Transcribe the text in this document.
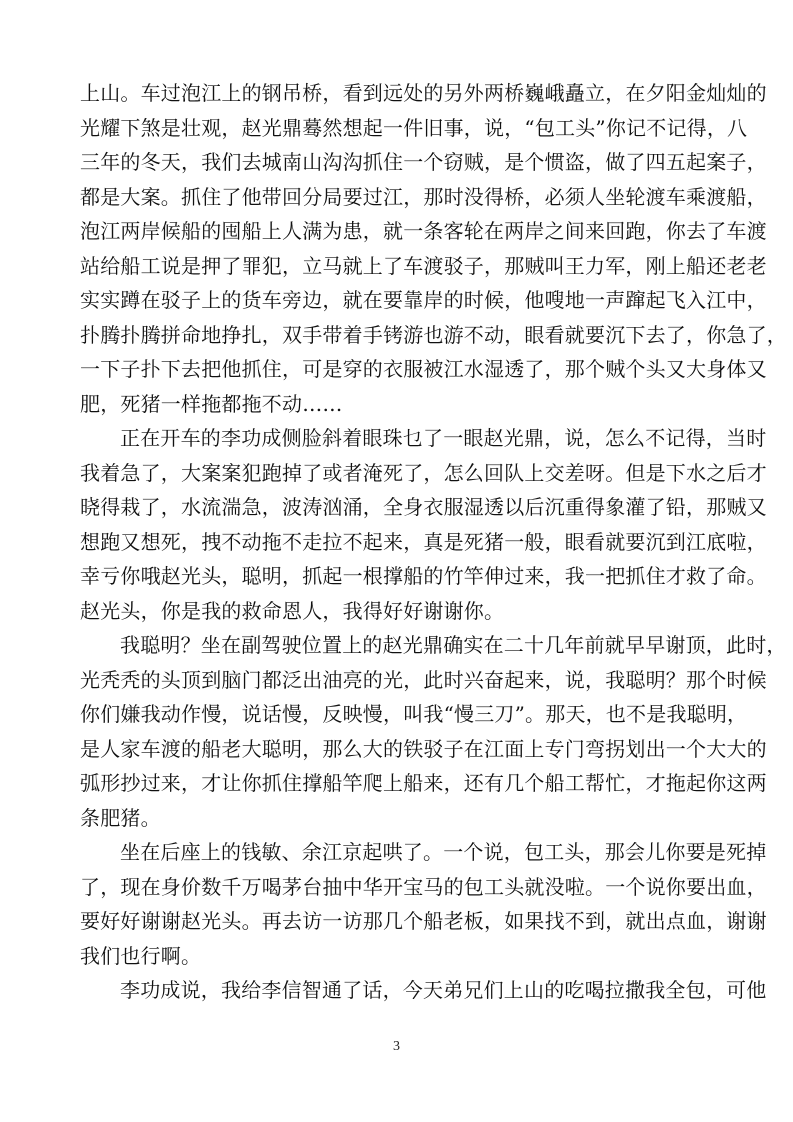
上山。车过泡江上的钢吊桥，看到远处的另外两桥巍峨矗立，在夕阳金灿灿的
光耀下煞是壮观，赵光鼎蓦然想起一件旧事，说，“包工头”你记不记得，八
三年的冬天，我们去城南山沟沟抓住一个窃贼，是个惯盗，做了四五起案子，
都是大案。抓住了他带回分局要过江，那时没得桥，必须人坐轮渡车乘渡船，
泡江两岸候船的囤船上人满为患，就一条客轮在两岸之间来回跑，你去了车渡
站给船工说是押了罪犯，立马就上了车渡驳子，那贼叫王力军，刚上船还老老
实实蹲在驳子上的货车旁边，就在要靠岸的时候，他嗖地一声蹿起飞入江中，
扑腾扑腾拼命地挣扎，双手带着手铐游也游不动，眼看就要沉下去了，你急了，
一下子扑下去把他抓住，可是穿的衣服被江水湿透了，那个贼个头又大身体又
肥，死猪一样拖都拖不动……

正在开车的李功成侧脸斜着眼珠乜了一眼赵光鼎，说，怎么不记得，当时
我着急了，大案案犯跑掉了或者淹死了，怎么回队上交差呀。但是下水之后才
晓得栽了，水流湍急，波涛汹涌，全身衣服湿透以后沉重得象灌了铅，那贼又
想跑又想死，拽不动拖不走拉不起来，真是死猪一般，眼看就要沉到江底啦，
幸亏你哦赵光头，聪明，抓起一根撑船的竹竿伸过来，我一把抓住才救了命。
赵光头，你是我的救命恩人，我得好好谢谢你。

我聪明？坐在副驾驶位置上的赵光鼎确实在二十几年前就早早谢顶，此时，
光秃秃的头顶到脑门都泛出油亮的光，此时兴奋起来，说，我聪明？那个时候
你们嫌我动作慢，说话慢，反映慢，叫我“慢三刀”。那天，也不是我聪明，
是人家车渡的船老大聪明，那么大的铁驳子在江面上专门弯拐划出一个大大的
弧形抄过来，才让你抓住撑船竿爬上船来，还有几个船工帮忙，才拖起你这两
条肥猪。

坐在后座上的钱敏、余江京起哄了。一个说，包工头，那会儿你要是死掉
了，现在身价数千万喝茅台抽中华开宝马的包工头就没啦。一个说你要出血，
要好好谢谢赵光头。再去访一访那几个船老板，如果找不到，就出点血，谢谢
我们也行啊。

李功成说，我给李信智通了话，今天弟兄们上山的吃喝拉撒我全包，可他

3
